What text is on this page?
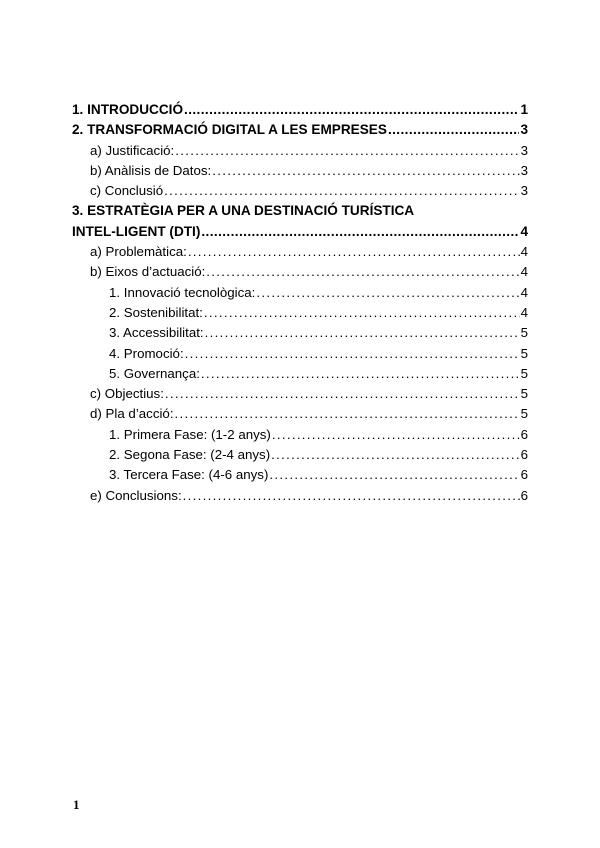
1. INTRODUCCIÓ .....	1
2. TRANSFORMACIÓ DIGITAL A LES EMPRESES .....	3
a) Justificació: .....	3
b) Anàlisis de Datos: .....	3
c) Conclusió .....	3
3. ESTRATÈGIA PER A UNA DESTINACIÓ TURÍSTICA
INTEL-LIGENT (DTI) .....	4
a) Problemàtica: .....	4
b) Eixos d’actuació: .....	4
1. Innovació tecnològica: .....	4
2. Sostenibilitat: .....	4
3. Accessibilitat: .....	5
4. Promoció: .....	5
5. Governança: .....	5
c) Objectius: .....	5
d) Pla d’acció: .....	5
1. Primera Fase: (1-2 anys) .....	6
2. Segona Fase: (2-4 anys) .....	6
3. Tercera Fase: (4-6 anys) .....	6
e) Conclusions: .....	6
1
